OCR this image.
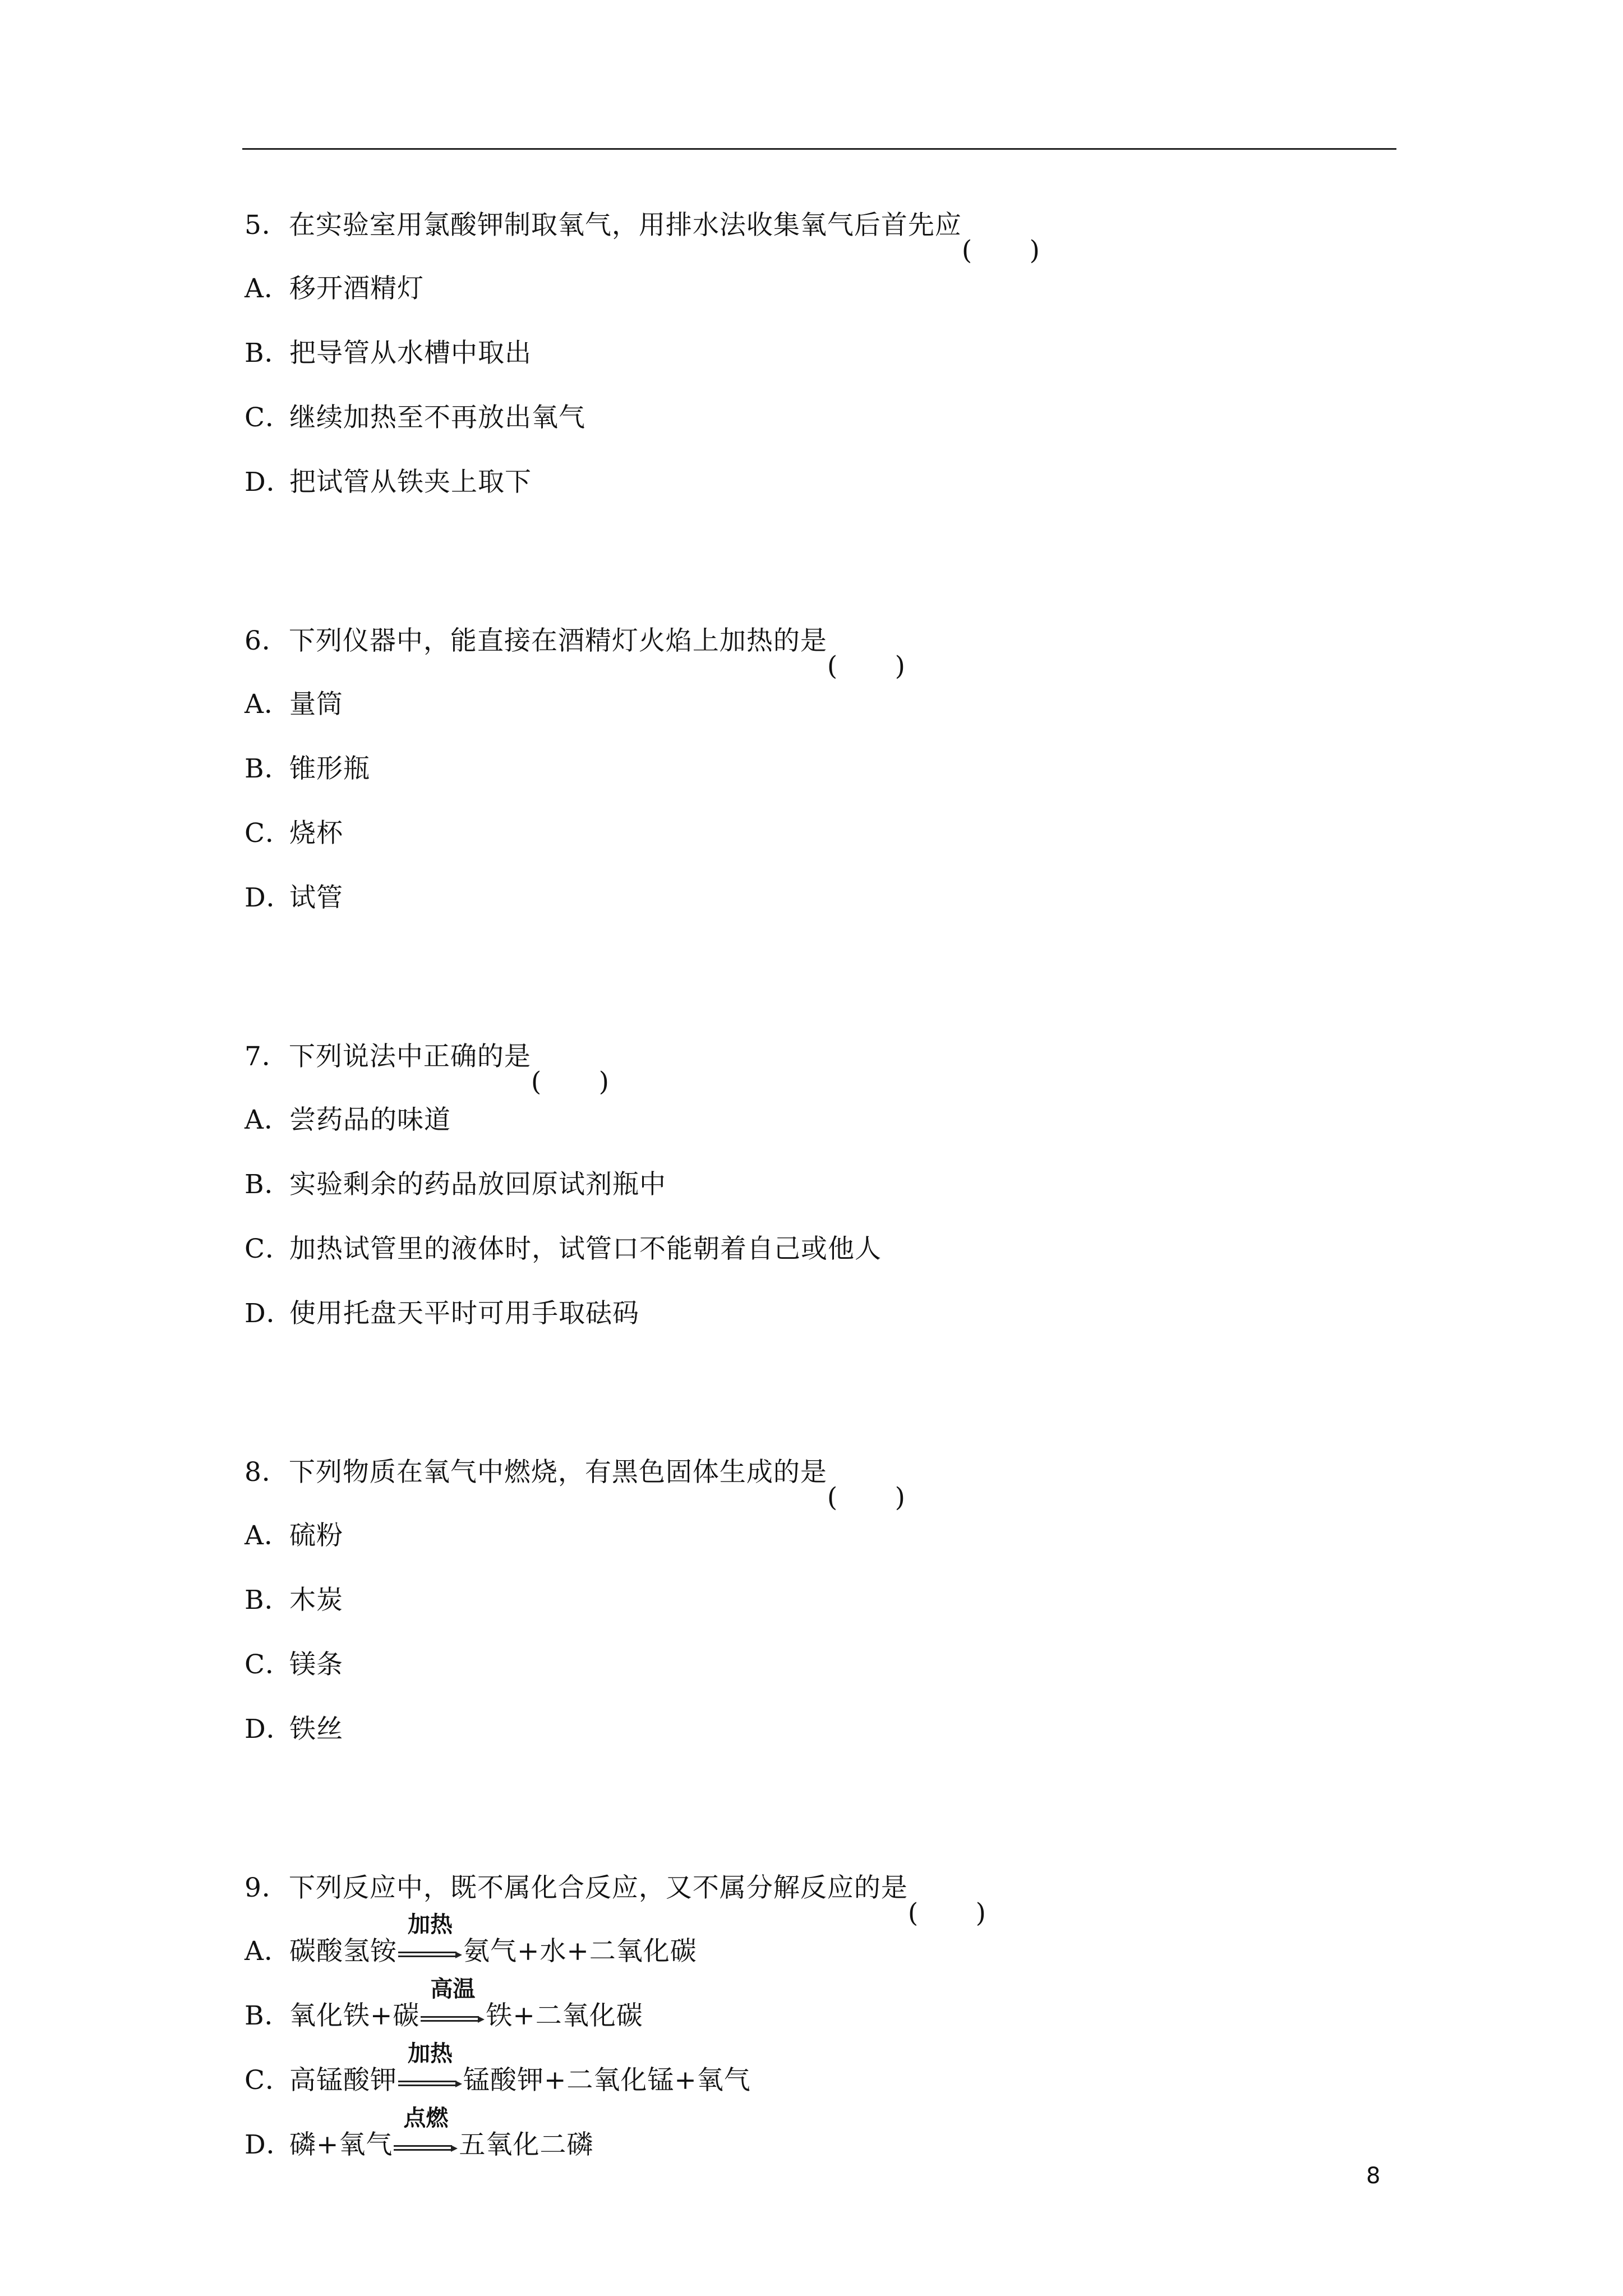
5．在实验室用氯酸钾制取氧气，用排水法收集氧气后首先应
( )
A．移开酒精灯
B．把导管从水槽中取出
C．继续加热至不再放出氧气
D．把试管从铁夹上取下
6．下列仪器中，能直接在酒精灯火焰上加热的是
( )
A．量筒
B．锥形瓶
C．烧杯
D．试管
7．下列说法中正确的是
( )
A．尝药品的味道
B．实验剩余的药品放回原试剂瓶中
C．加热试管里的液体时，试管口不能朝着自己或他人
D．使用托盘天平时可用手取砝码
8．下列物质在氧气中燃烧，有黑色固体生成的是
( )
A．硫粉
B．木炭
C．镁条
D．铁丝
9．下列反应中，既不属化合反应，又不属分解反应的是
( )
A．碳酸氢铵
加热
氨气+水+二氧化碳
B．氧化铁+碳
高温
铁+二氧化碳
C．高锰酸钾
加热
锰酸钾+二氧化锰+氧气
D．磷+氧气
点燃
五氧化二磷
8
